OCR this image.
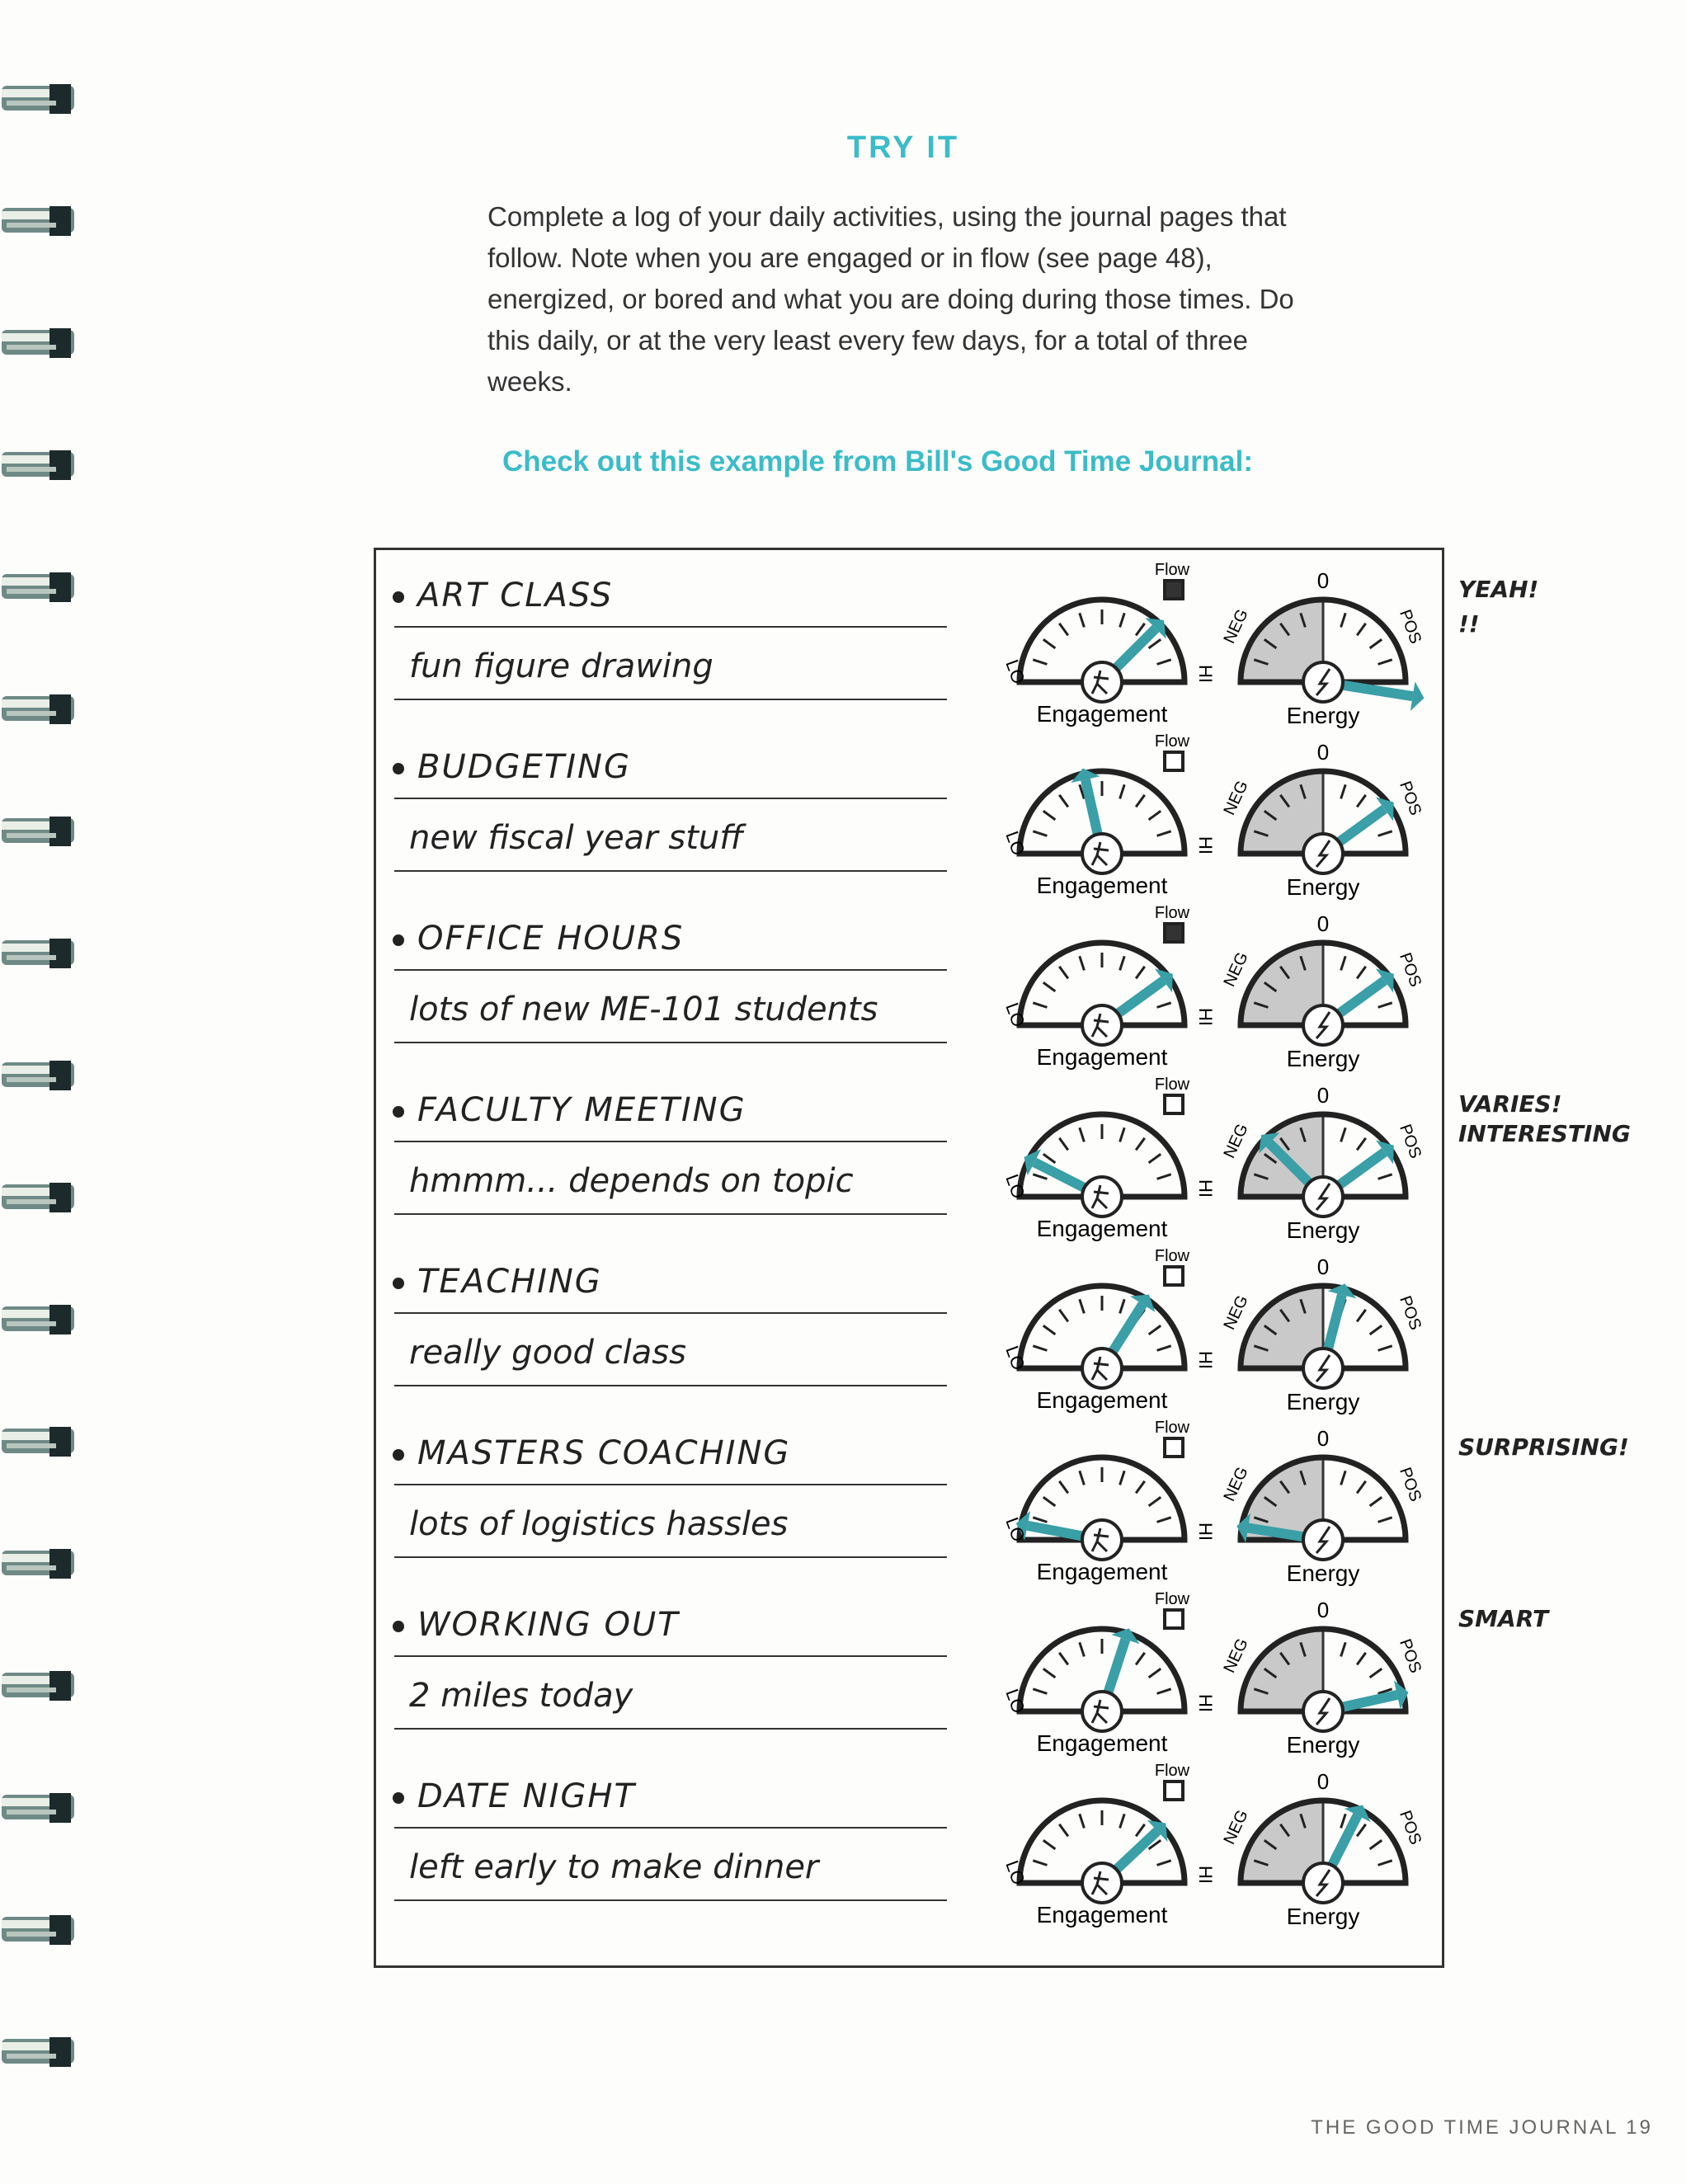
TRY IT
Complete a log of your daily activities, using the journal pages that follow. Note when you are engaged or in flow (see page 48), energized, or bored and what you are doing during those times. Do this daily, or at the very least every few days, for a total of three weeks.
Check out this example from Bill's Good Time Journal:
ART CLASS
fun figure drawing
Engagement	Energy
LO	HI
NEG	POS
0
Flow
YEAH!
!!
BUDGETING
new fiscal year stuff
Engagement	Energy
LO	HI
NEG	POS
0
Flow
OFFICE HOURS
lots of new ME-101 students
Engagement	Energy
LO	HI
NEG	POS
0
Flow
FACULTY MEETING
hmmm... depends on topic
Engagement	Energy
LO	HI
NEG	POS
0
Flow
VARIES! INTERESTING
TEACHING
really good class
Engagement	Energy
LO	HI
NEG	POS
0
Flow
MASTERS COACHING
lots of logistics hassles
Engagement	Energy
LO	HI
NEG	POS
0
Flow
SURPRISING!
WORKING OUT
2 miles today
Engagement	Energy
LO	HI
NEG	POS
0
Flow
SMART
DATE NIGHT
left early to make dinner
Engagement	Energy
LO	HI
NEG	POS
0
Flow
THE GOOD TIME JOURNAL 19
